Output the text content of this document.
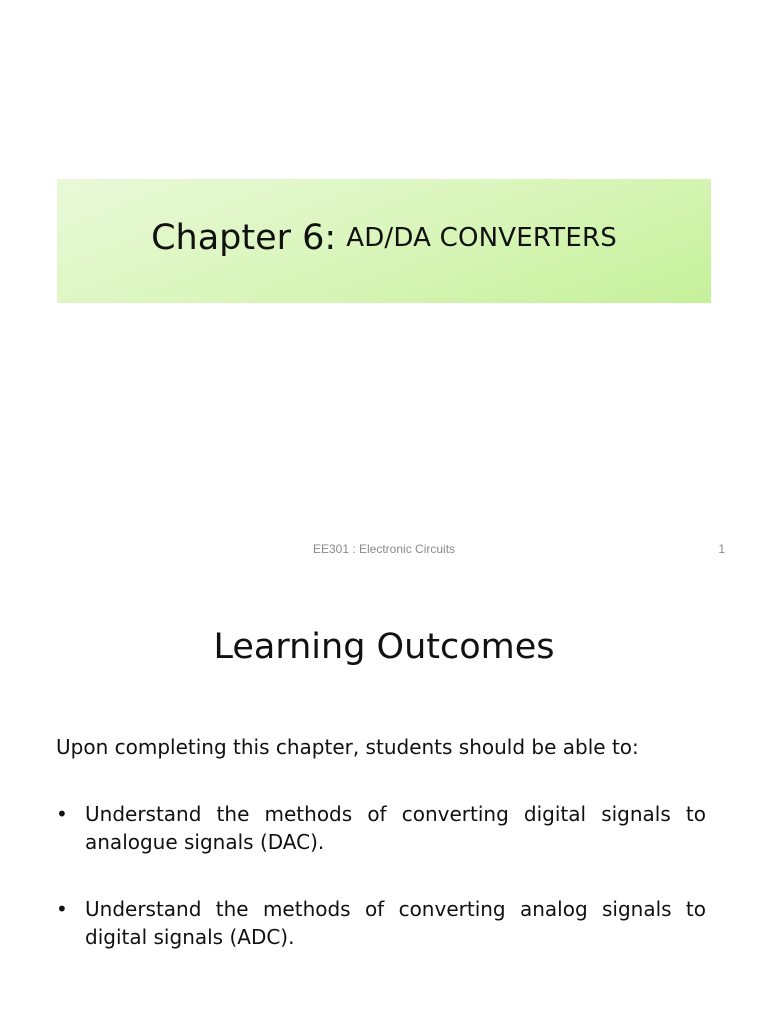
Chapter 6: AD/DA CONVERTERS
EE301 : Electronic Circuits	1
Learning Outcomes
Upon completing this chapter, students should be able to:
• Understand the methods of converting digital signals to analogue signals (DAC).
• Understand the methods of converting analog signals to digital signals (ADC).
